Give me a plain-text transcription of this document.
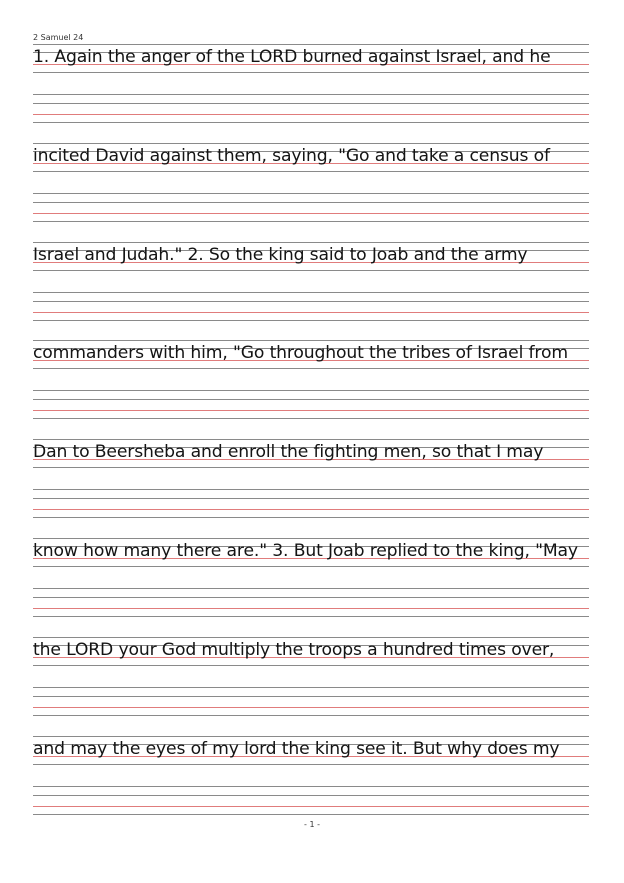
2 Samuel 24
1. Again the anger of the LORD burned against Israel, and he
incited David against them, saying, "Go and take a census of
Israel and Judah." 2. So the king said to Joab and the army
commanders with him, "Go throughout the tribes of Israel from
Dan to Beersheba and enroll the fighting men, so that I may
know how many there are." 3. But Joab replied to the king, "May
the LORD your God multiply the troops a hundred times over,
and may the eyes of my lord the king see it. But why does my
- 1 -
